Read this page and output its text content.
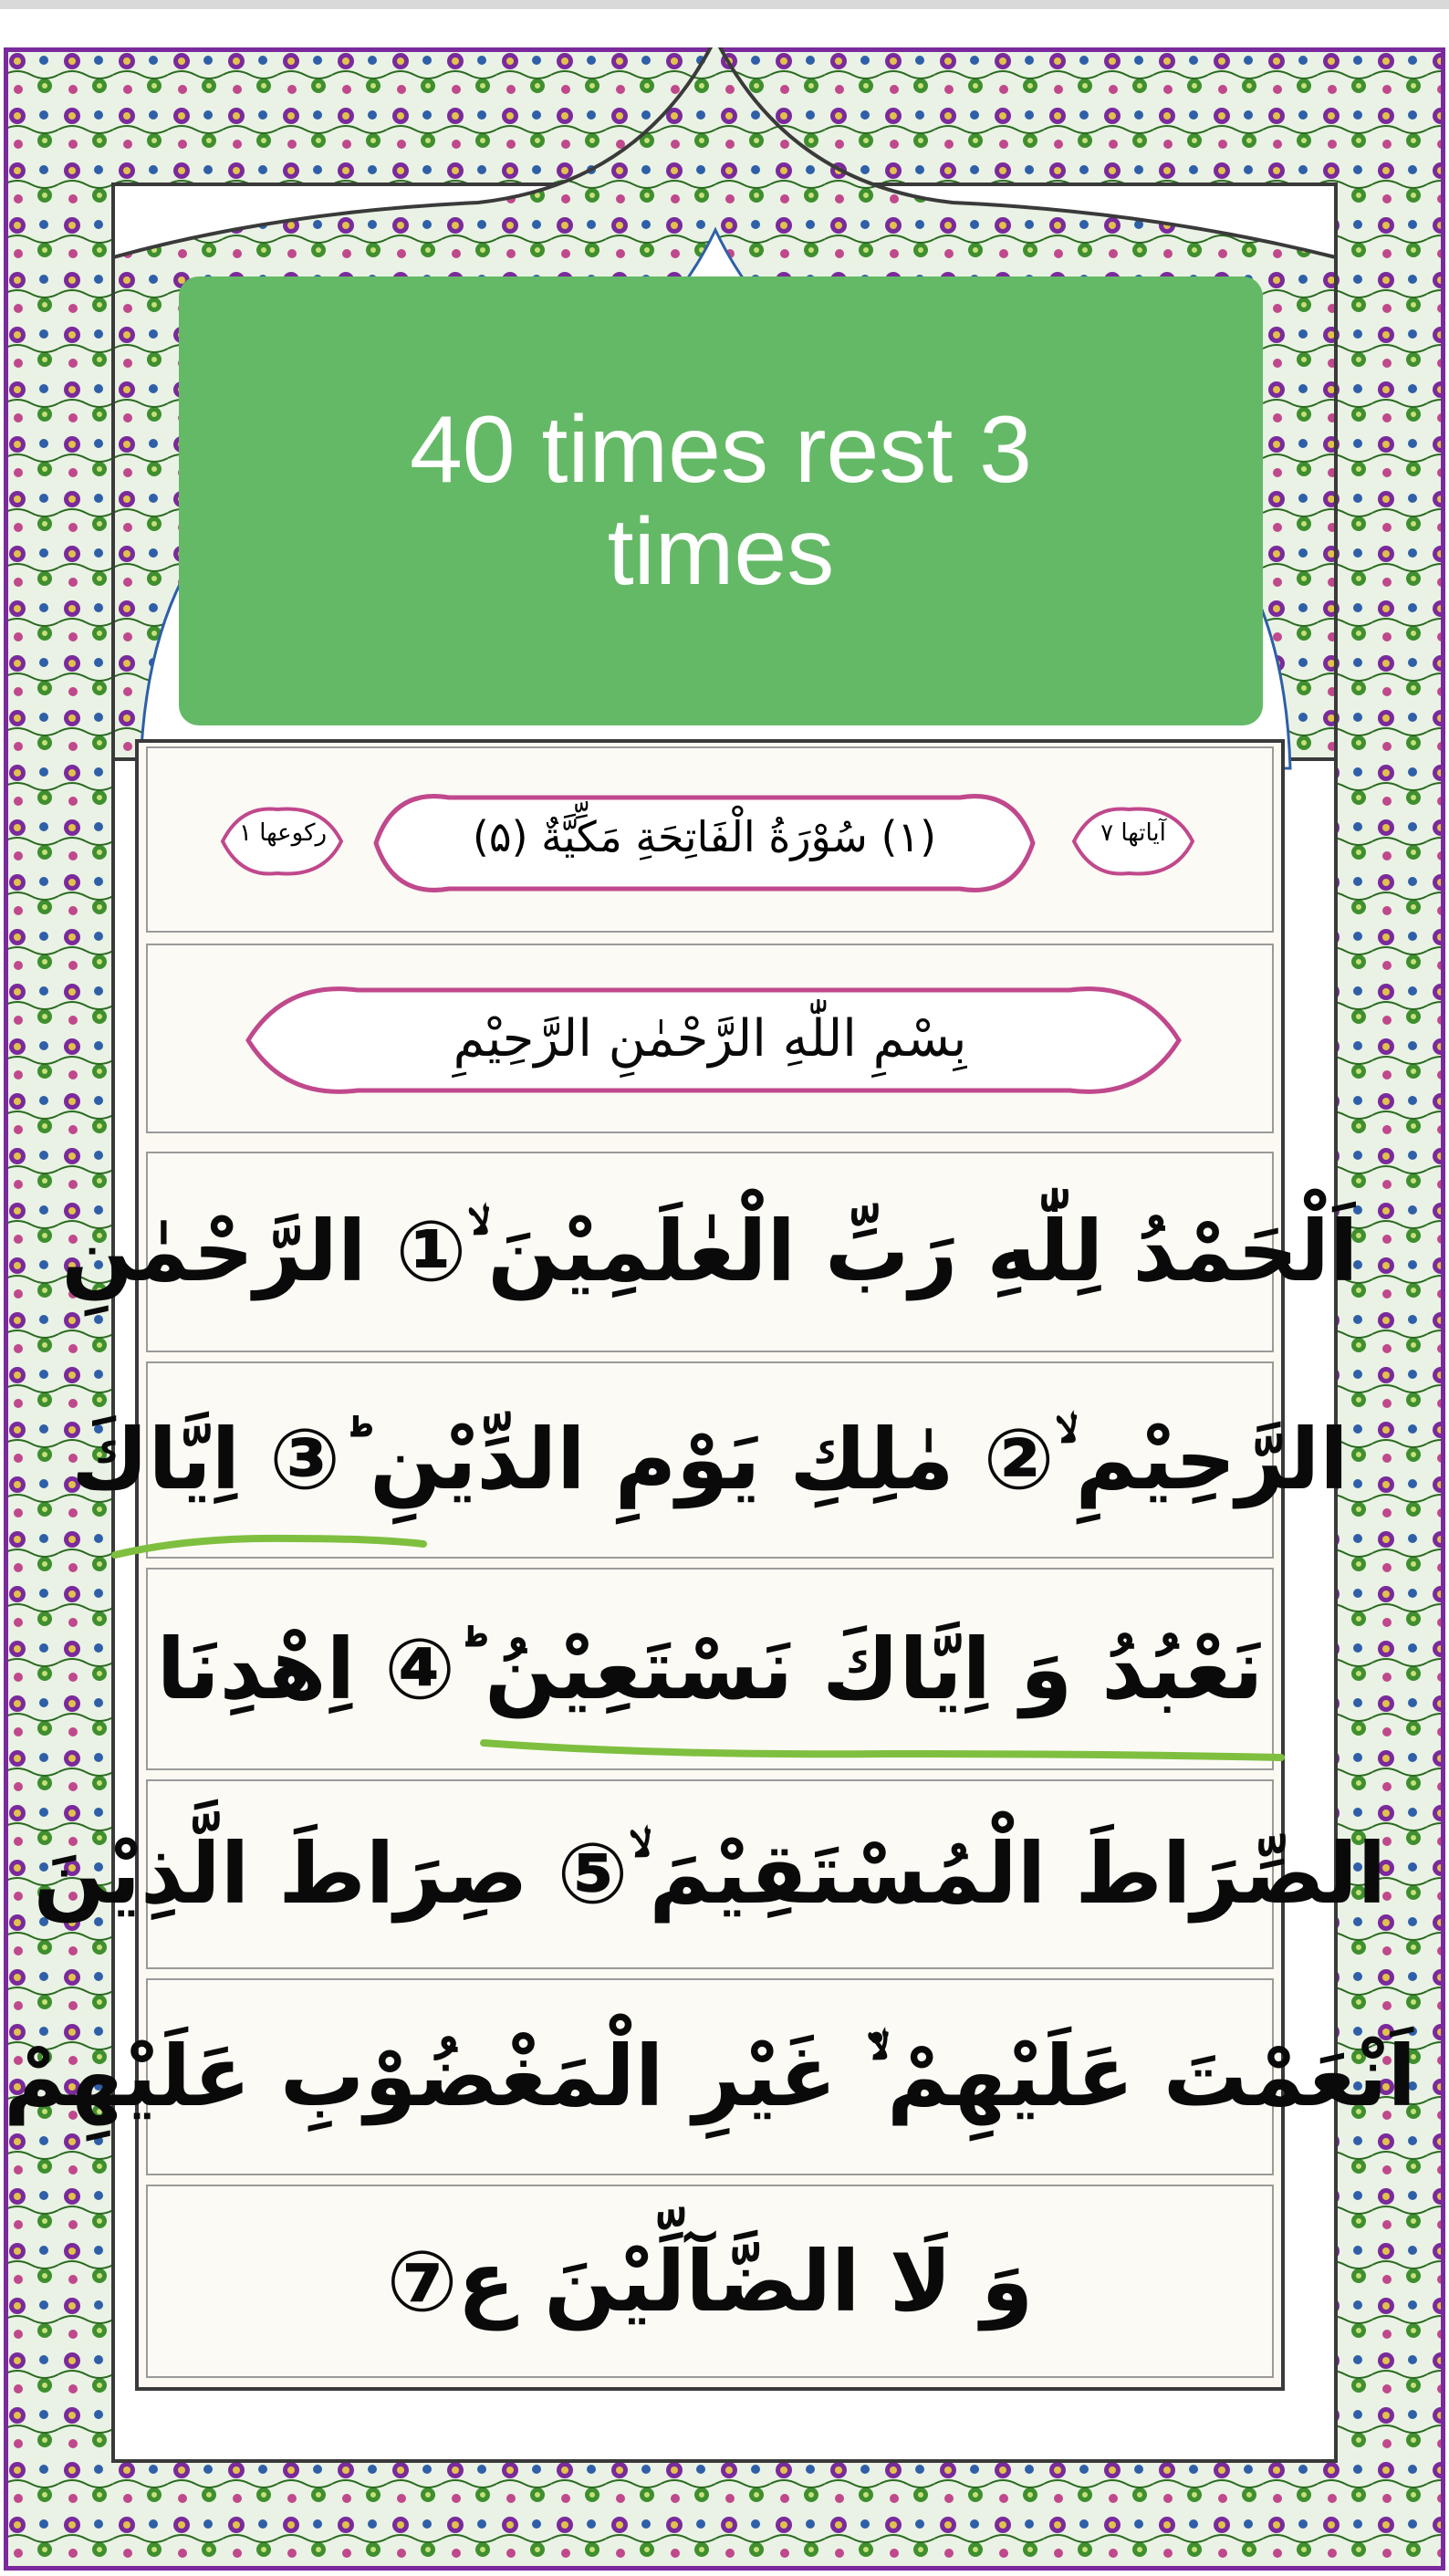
آیاتها ۷
(۱) سُوْرَةُ الْفَاتِحَةِ مَكِّيَّةٌ (۵)
رکوعها ۱
بِسْمِ اللّٰهِ الرَّحْمٰنِ الرَّحِیْمِ
اَلْحَمْدُ لِلّٰهِ رَبِّ الْعٰلَمِیْنَ ۙ① الرَّحْمٰنِ
الرَّحِیْمِ ۙ② مٰلِكِ یَوْمِ الدِّیْنِ ؕ③ اِیَّاكَ
نَعْبُدُ وَ اِیَّاكَ نَسْتَعِیْنُ ؕ④ اِهْدِنَا
الصِّرَاطَ الْمُسْتَقِیْمَ ۙ⑤ صِرَاطَ الَّذِیْنَ
اَنْعَمْتَ عَلَیْهِمْ ۙ۬ غَیْرِ الْمَغْضُوْبِ عَلَیْهِمْ
وَ لَا الضَّآلِّیْنَ ع⑦
40 times rest 3 times
